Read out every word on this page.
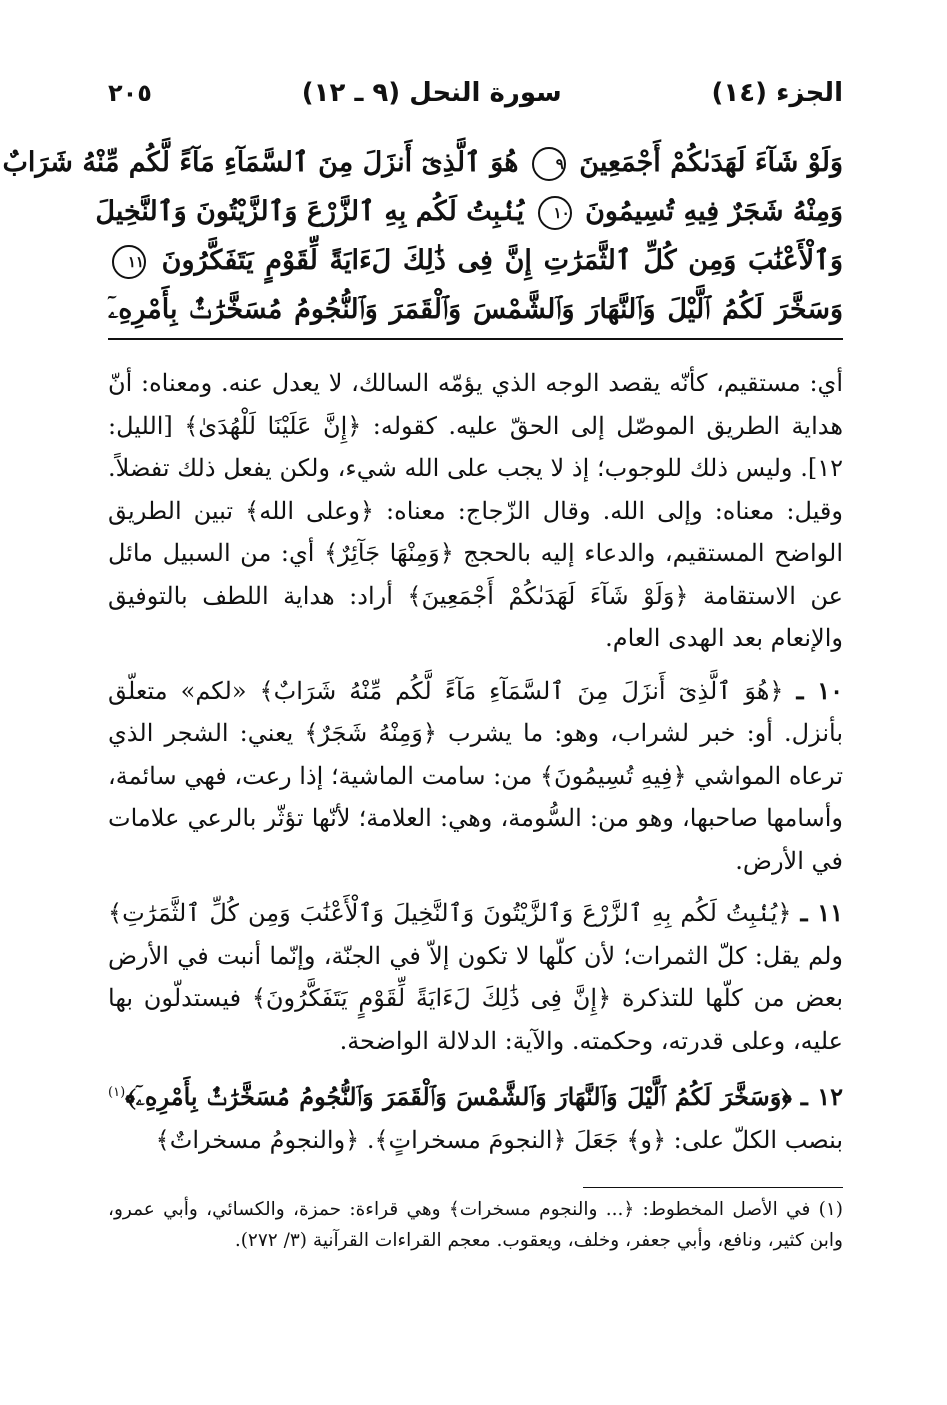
الجزء (١٤)
سورة النحل (٩ ـ ١٢)
٢٠٥
وَلَوْ شَآءَ لَهَدَىٰكُمْ أَجْمَعِينَ ٩ هُوَ ٱلَّذِىٓ أَنزَلَ مِنَ ٱلسَّمَآءِ مَآءً لَّكُم مِّنْهُ شَرَابٌ
وَمِنْهُ شَجَرٌ فِيهِ تُسِيمُونَ ١٠ يُنۢبِتُ لَكُم بِهِ ٱلزَّرْعَ وَٱلزَّيْتُونَ وَٱلنَّخِيلَ
وَٱلْأَعْنَٰبَ وَمِن كُلِّ ٱلثَّمَرَٰتِ إِنَّ فِى ذَٰلِكَ لَءَايَةً لِّقَوْمٍ يَتَفَكَّرُونَ ١١
وَسَخَّرَ لَكُمُ ٱلَّيْلَ وَٱلنَّهَارَ وَٱلشَّمْسَ وَٱلْقَمَرَ وَٱلنُّجُومُ مُسَخَّرَٰتٌۢ بِأَمْرِهِۦٓ

أي: مستقيم، كأنّه يقصد الوجه الذي يؤمّه السالك، لا يعدل عنه. ومعناه: أنّ هداية الطريق الموصّل إلى الحقّ عليه. كقوله: ﴿إِنَّ عَلَيْنَا لَلْهُدَىٰ﴾ [الليل: ١٢]. وليس ذلك للوجوب؛ إذ لا يجب على الله شيء، ولكن يفعل ذلك تفضلاً. وقيل: معناه: وإلى الله. وقال الزّجاج: معناه: ﴿وعلى الله﴾ تبين الطريق الواضح المستقيم، والدعاء إليه بالحجج ﴿وَمِنْهَا جَآئِرٌ﴾ أي: من السبيل مائل عن الاستقامة ﴿وَلَوْ شَآءَ لَهَدَىٰكُمْ أَجْمَعِينَ﴾ أراد: هداية اللطف بالتوفيق والإنعام بعد الهدى العام.

١٠ ـ ﴿هُوَ ٱلَّذِىٓ أَنزَلَ مِنَ ٱلسَّمَآءِ مَآءً لَّكُم مِّنْهُ شَرَابٌ﴾ «لكم» متعلّق بأنزل. أو: خبر لشراب، وهو: ما يشرب ﴿وَمِنْهُ شَجَرٌ﴾ يعني: الشجر الذي ترعاه المواشي ﴿فِيهِ تُسِيمُونَ﴾ من: سامت الماشية؛ إذا رعت، فهي سائمة، وأسامها صاحبها، وهو من: السُّومة، وهي: العلامة؛ لأنّها تؤثّر بالرعي علامات في الأرض.

١١ ـ ﴿يُنۢبِتُ لَكُم بِهِ ٱلزَّرْعَ وَٱلزَّيْتُونَ وَٱلنَّخِيلَ وَٱلْأَعْنَٰبَ وَمِن كُلِّ ٱلثَّمَرَٰتِ﴾ ولم يقل: كلّ الثمرات؛ لأن كلّها لا تكون إلاّ في الجنّة، وإنّما أنبت في الأرض بعض من كلّها للتذكرة ﴿إِنَّ فِى ذَٰلِكَ لَءَايَةً لِّقَوْمٍ يَتَفَكَّرُونَ﴾ فيستدلّون بها عليه، وعلى قدرته، وحكمته. والآية: الدلالة الواضحة.

١٢ ـ ﴿وَسَخَّرَ لَكُمُ ٱلَّيْلَ وَٱلنَّهَارَ وَٱلشَّمْسَ وَٱلْقَمَرَ وَٱلنُّجُومُ مُسَخَّرَٰتٌۢ بِأَمْرِهِۦٓ﴾$^{(١)}$ بنصب الكلّ على: ﴿و﴾ جَعَلَ ﴿النجومَ مسخراتٍ﴾. ﴿والنجومُ مسخراتٌ﴾

(١) في الأصل المخطوط: ﴿... والنجوم مسخرات﴾ وهي قراءة: حمزة، والكسائي، وأبي عمرو، وابن كثير، ونافع، وأبي جعفر، وخلف، ويعقوب. معجم القراءات القرآنية (٣/ ٢٧٢).
